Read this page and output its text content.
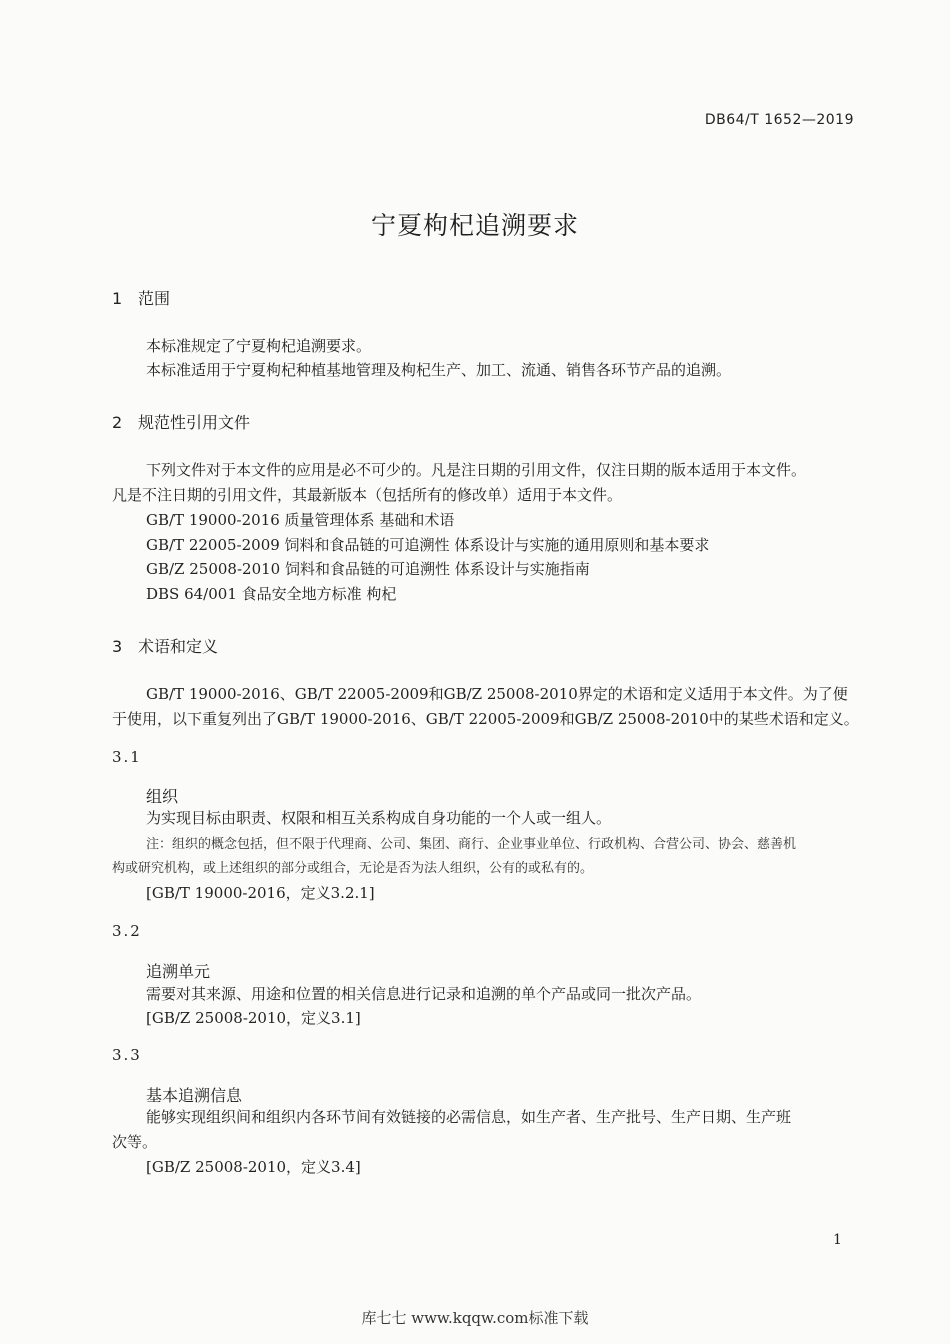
DB64/T 1652—2019
宁夏枸杞追溯要求
1 范围
本标准规定了宁夏枸杞追溯要求。
本标准适用于宁夏枸杞种植基地管理及枸杞生产、加工、流通、销售各环节产品的追溯。
2 规范性引用文件
下列文件对于本文件的应用是必不可少的。凡是注日期的引用文件，仅注日期的版本适用于本文件。
凡是不注日期的引用文件，其最新版本（包括所有的修改单）适用于本文件。
GB/T 19000-2016 质量管理体系 基础和术语
GB/T 22005-2009 饲料和食品链的可追溯性 体系设计与实施的通用原则和基本要求
GB/Z 25008-2010 饲料和食品链的可追溯性 体系设计与实施指南
DBS 64/001 食品安全地方标准 枸杞
3 术语和定义
GB/T 19000-2016、GB/T 22005-2009和GB/Z 25008-2010界定的术语和定义适用于本文件。为了便
于使用，以下重复列出了GB/T 19000-2016、GB/T 22005-2009和GB/Z 25008-2010中的某些术语和定义。
3.1
组织
为实现目标由职责、权限和相互关系构成自身功能的一个人或一组人。
注：组织的概念包括，但不限于代理商、公司、集团、商行、企业事业单位、行政机构、合营公司、协会、慈善机
构或研究机构，或上述组织的部分或组合，无论是否为法人组织，公有的或私有的。
[GB/T 19000-2016，定义3.2.1]
3.2
追溯单元
需要对其来源、用途和位置的相关信息进行记录和追溯的单个产品或同一批次产品。
[GB/Z 25008-2010，定义3.1]
3.3
基本追溯信息
能够实现组织间和组织内各环节间有效链接的必需信息，如生产者、生产批号、生产日期、生产班
次等。
[GB/Z 25008-2010，定义3.4]
1
库七七 www.kqqw.com标准下载
